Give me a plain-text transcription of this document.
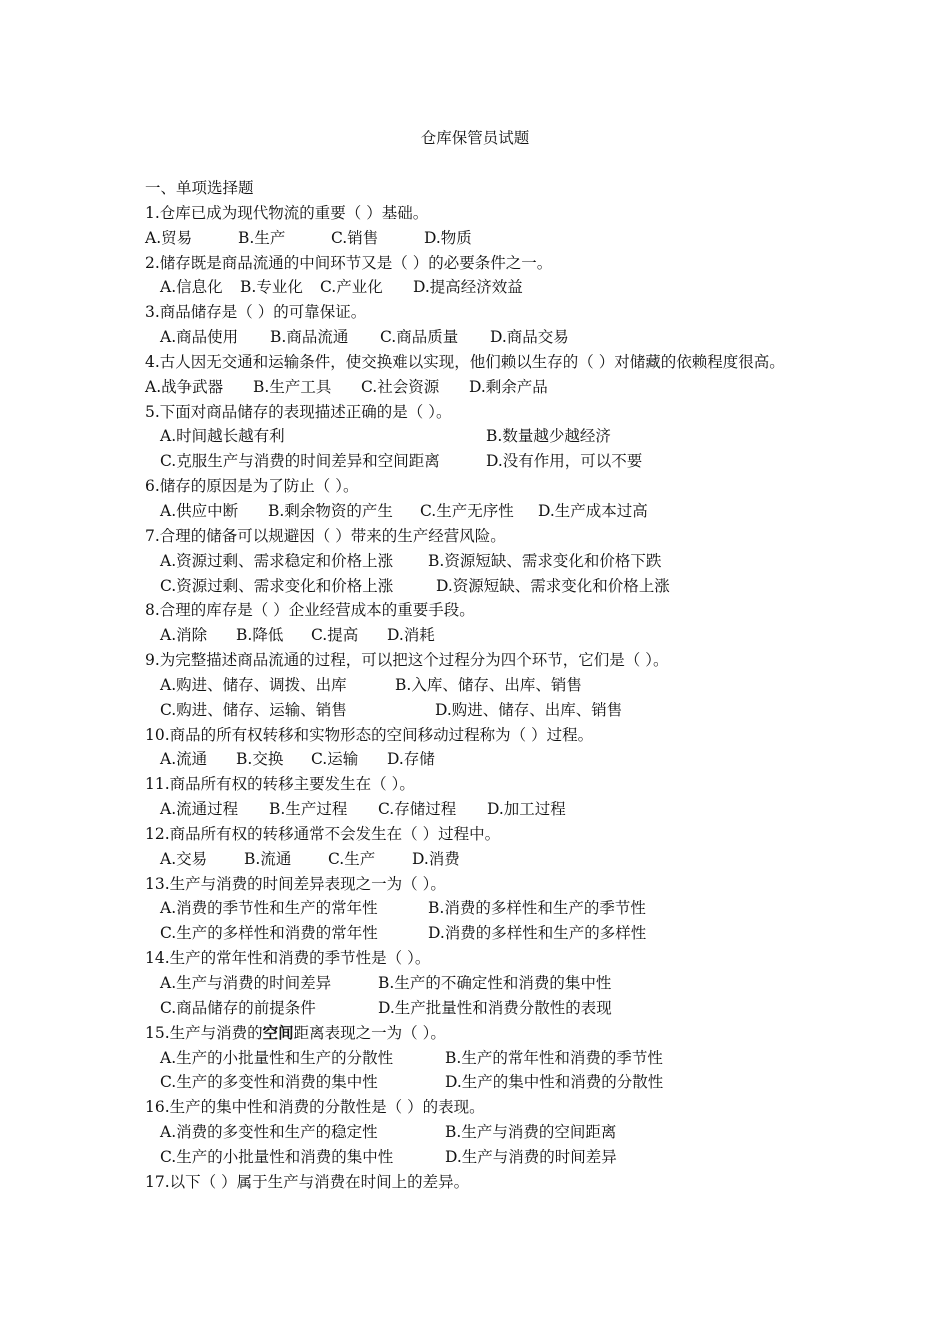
仓库保管员试题
一、单项选择题
1.仓库已成为现代物流的重要（ ）基础。
A.贸易	B.生产	C.销售	D.物质
2.储存既是商品流通的中间环节又是（ ）的必要条件之一。
A.信息化	B.专业化	C.产业化	D.提高经济效益
3.商品储存是（ ）的可靠保证。
A.商品使用	B.商品流通	C.商品质量	D.商品交易
4.古人因无交通和运输条件，使交换难以实现，他们赖以生存的（ ）对储藏的依赖程度很高。
A.战争武器	B.生产工具	C.社会资源	D.剩余产品
5.下面对商品储存的表现描述正确的是（ ）。
A.时间越长越有利	B.数量越少越经济
C.克服生产与消费的时间差异和空间距离	D.没有作用，可以不要
6.储存的原因是为了防止（ ）。
A.供应中断	B.剩余物资的产生	C.生产无序性	D.生产成本过高
7.合理的储备可以规避因（ ）带来的生产经营风险。
A.资源过剩、需求稳定和价格上涨	B.资源短缺、需求变化和价格下跌
C.资源过剩、需求变化和价格上涨	D.资源短缺、需求变化和价格上涨
8.合理的库存是（ ）企业经营成本的重要手段。
A.消除	B.降低	C.提高	D.消耗
9.为完整描述商品流通的过程，可以把这个过程分为四个环节，它们是（ ）。
A.购进、储存、调拨、出库	B.入库、储存、出库、销售
C.购进、储存、运输、销售	D.购进、储存、出库、销售
10.商品的所有权转移和实物形态的空间移动过程称为（ ）过程。
A.流通	B.交换	C.运输	D.存储
11.商品所有权的转移主要发生在（ ）。
A.流通过程	B.生产过程	C.存储过程	D.加工过程
12.商品所有权的转移通常不会发生在（ ）过程中。
A.交易	B.流通	C.生产	D.消费
13.生产与消费的时间差异表现之一为（ ）。
A.消费的季节性和生产的常年性	B.消费的多样性和生产的季节性
C.生产的多样性和消费的常年性	D.消费的多样性和生产的多样性
14.生产的常年性和消费的季节性是（ ）。
A.生产与消费的时间差异	B.生产的不确定性和消费的集中性
C.商品储存的前提条件	D.生产批量性和消费分散性的表现
15.生产与消费的空间距离表现之一为（ ）。
A.生产的小批量性和生产的分散性	B.生产的常年性和消费的季节性
C.生产的多变性和消费的集中性	D.生产的集中性和消费的分散性
16.生产的集中性和消费的分散性是（ ）的表现。
A.消费的多变性和生产的稳定性	B.生产与消费的空间距离
C.生产的小批量性和消费的集中性	D.生产与消费的时间差异
17.以下（ ）属于生产与消费在时间上的差异。
